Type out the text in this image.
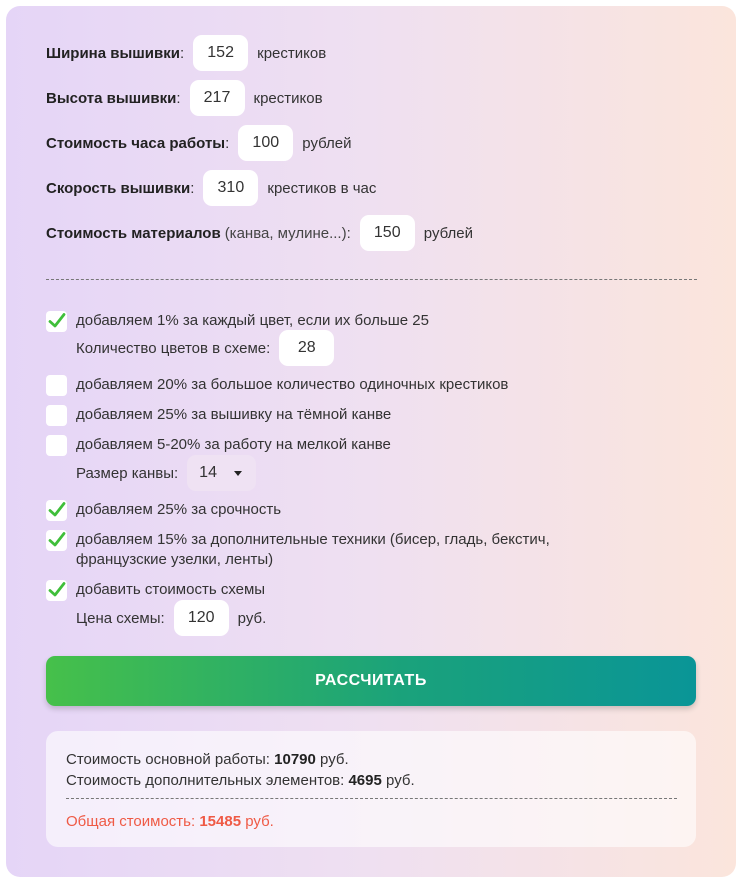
Ширина вышивки :	152	крестиков
Высота вышивки :	217	крестиков
Стоимость часа работы :	100	рублей
Скорость вышивки :	310	крестиков в час
Стоимость материалов (канва, мулине...):	150	рублей
добавляем 1% за каждый цвет, если их больше 25
Количество цветов в схеме:	28
добавляем 20% за большое количество одиночных крестиков
добавляем 25% за вышивку на тёмной канве
добавляем 5-20% за работу на мелкой канве
Размер канвы: 14
добавляем 25% за срочность
добавляем 15% за дополнительные техники (бисер, гладь, бекстич,
французские узелки, ленты)
добавить стоимость схемы
Цена схемы:	120	руб.
РАССЧИТАТЬ
Стоимость основной работы: 10790 руб.
Стоимость дополнительных элементов: 4695 руб.
Общая стоимость: 15485 руб.
